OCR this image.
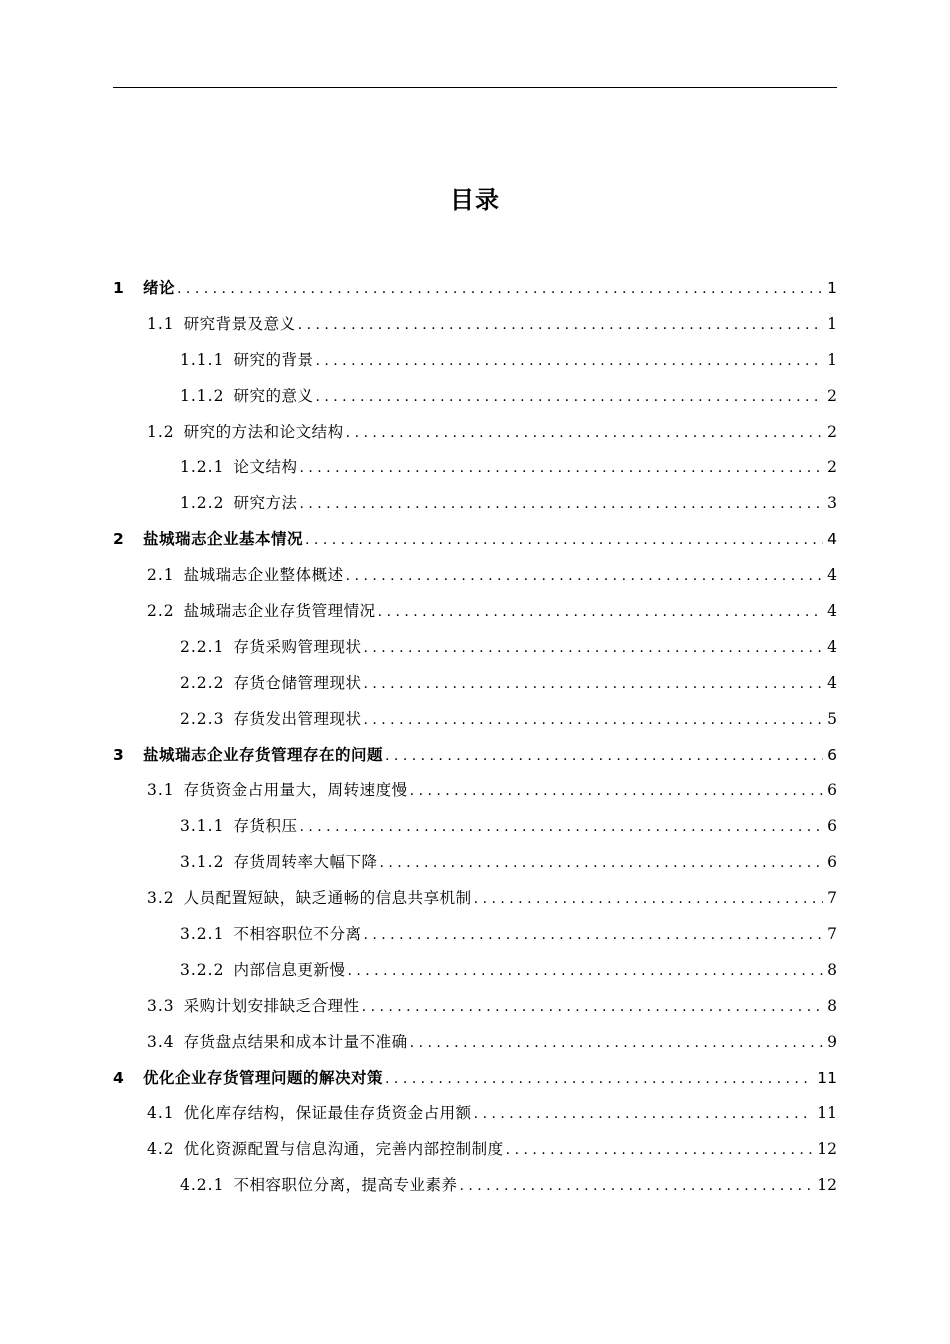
目录
1	绪论 . . .	1
1.1 研究背景及意义 . . .	1
1.1.1 研究的背景 . . .	1
1.1.2 研究的意义 . . .	2
1.2 研究的方法和论文结构 . . .	2
1.2.1 论文结构 . . .	2
1.2.2 研究方法 . . .	3
2	盐城瑞志企业基本情况 . . .	4
2.1 盐城瑞志企业整体概述 . . .	4
2.2 盐城瑞志企业存货管理情况 . . .	4
2.2.1 存货采购管理现状 . . .	4
2.2.2 存货仓储管理现状 . . .	4
2.2.3 存货发出管理现状 . . .	5
3	盐城瑞志企业存货管理存在的问题 . . .	6
3.1 存货资金占用量大，周转速度慢 . . .	6
3.1.1 存货积压 . . .	6
3.1.2 存货周转率大幅下降 . . .	6
3.2 人员配置短缺，缺乏通畅的信息共享机制 . . .	7
3.2.1 不相容职位不分离 . . .	7
3.2.2 内部信息更新慢 . . .	8
3.3 采购计划安排缺乏合理性 . . .	8
3.4 存货盘点结果和成本计量不准确 . . .	9
4	优化企业存货管理问题的解决对策 . . .	11
4.1 优化库存结构，保证最佳存货资金占用额 . . .	11
4.2 优化资源配置与信息沟通，完善内部控制制度 . . .	12
4.2.1 不相容职位分离，提高专业素养 . . .	12
